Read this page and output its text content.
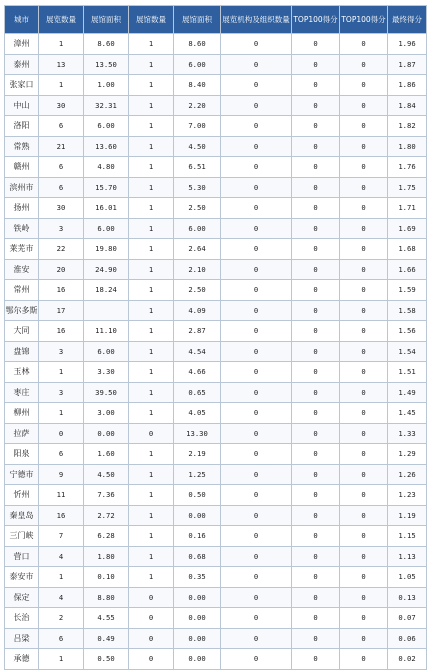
城市	展览数量	展馆面积	展馆数量	展馆面积	展览机构及组织数量	TOP100得分	TOP100得分	最终得分
漳州	1	8.60	1	8.60	0	0	0	1.96
泰州	13	13.50	1	6.00	0	0	0	1.87
张家口	1	1.00	1	8.40	0	0	0	1.86
中山	30	32.31	1	2.20	0	0	0	1.84
洛阳	6	6.00	1	7.00	0	0	0	1.82
常熟	21	13.60	1	4.50	0	0	0	1.80
赣州	6	4.80	1	6.51	0	0	0	1.76
滨州市	6	15.70	1	5.30	0	0	0	1.75
扬州	30	16.01	1	2.50	0	0	0	1.71
铁岭	3	6.00	1	6.00	0	0	0	1.69
莱芜市	22	19.80	1	2.64	0	0	0	1.68
淮安	20	24.90	1	2.10	0	0	0	1.66
常州	16	18.24	1	2.50	0	0	0	1.59
鄂尔多斯	17		1	4.09	0	0	0	1.58
大同	16	11.10	1	2.87	0	0	0	1.56
盘锦	3	6.00	1	4.54	0	0	0	1.54
玉林	1	3.30	1	4.66	0	0	0	1.51
枣庄	3	39.50	1	0.65	0	0	0	1.49
柳州	1	3.00	1	4.05	0	0	0	1.45
拉萨	0	0.00	0	13.30	0	0	0	1.33
阳泉	6	1.60	1	2.19	0	0	0	1.29
宁德市	9	4.50	1	1.25	0	0	0	1.26
忻州	11	7.36	1	0.50	0	0	0	1.23
秦皇岛	16	2.72	1	0.00	0	0	0	1.19
三门峡	7	6.28	1	0.16	0	0	0	1.15
营口	4	1.80	1	0.68	0	0	0	1.13
泰安市	1	0.10	1	0.35	0	0	0	1.05
保定	4	8.80	0	0.00	0	0	0	0.13
长治	2	4.55	0	0.00	0	0	0	0.07
吕梁	6	0.49	0	0.00	0	0	0	0.06
承德	1	0.50	0	0.00	0	0	0	0.02
